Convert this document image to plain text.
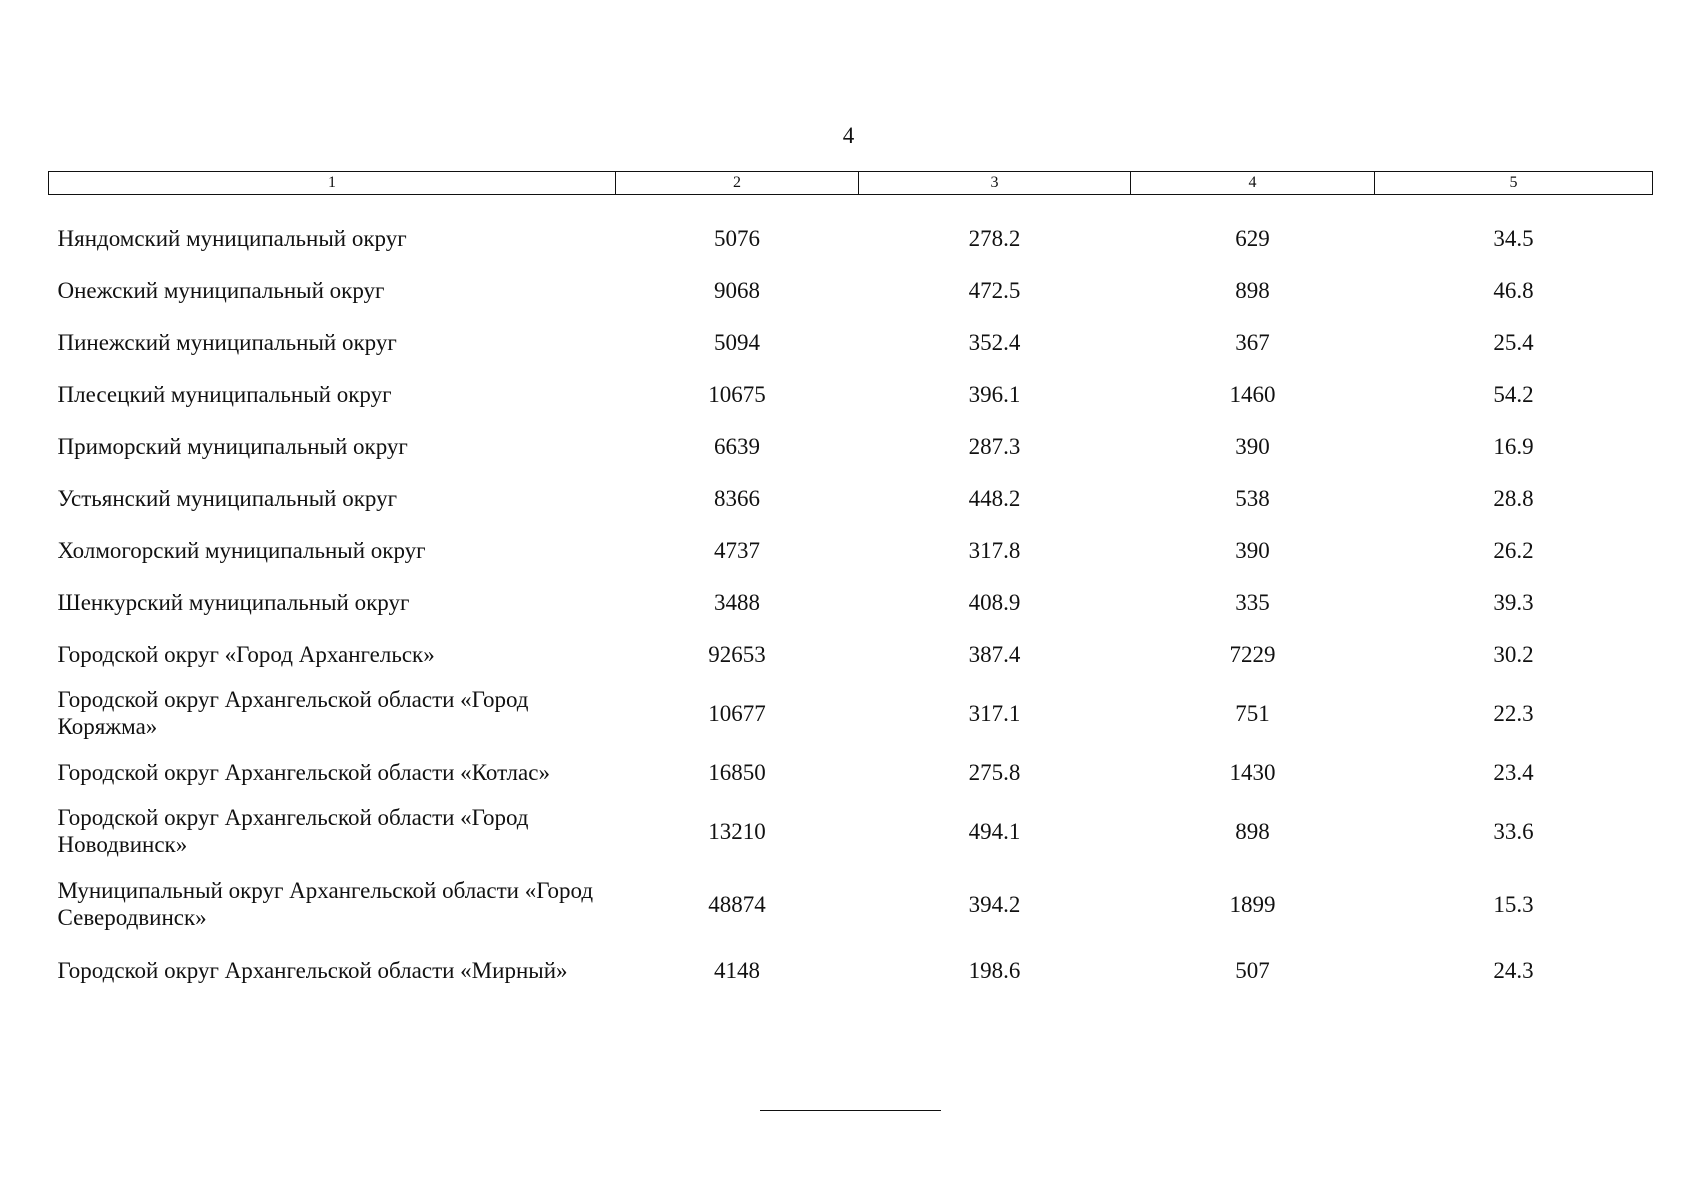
4
1	2	3	4	5

Няндомский муниципальный округ	5076	278.2	629	34.5
Онежский муниципальный округ	9068	472.5	898	46.8
Пинежский муниципальный округ	5094	352.4	367	25.4
Плесецкий муниципальный округ	10675	396.1	1460	54.2
Приморский муниципальный округ	6639	287.3	390	16.9
Устьянский муниципальный округ	8366	448.2	538	28.8
Холмогорский муниципальный округ	4737	317.8	390	26.2
Шенкурский муниципальный округ	3488	408.9	335	39.3
Городской округ «Город Архангельск»	92653	387.4	7229	30.2
Городской округ Архангельской области «Город Коряжма»	10677	317.1	751	22.3
Городской округ Архангельской области «Котлас»	16850	275.8	1430	23.4
Городской округ Архангельской области «Город Новодвинск»	13210	494.1	898	33.6
Муниципальный округ Архангельской области «Город Северодвинск»	48874	394.2	1899	15.3
Городской округ Архангельской области «Мирный»	4148	198.6	507	24.3
